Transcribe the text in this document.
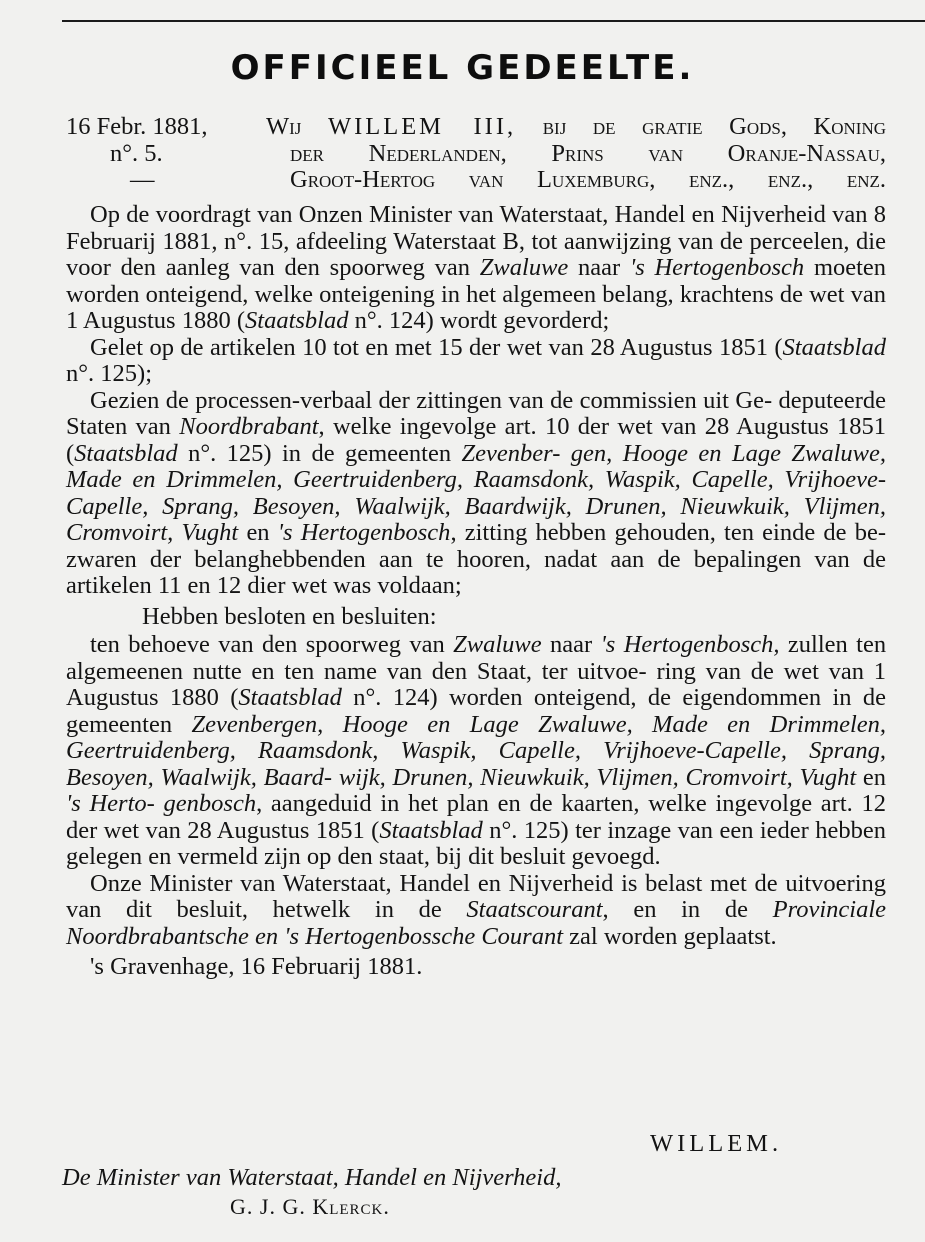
OFFICIEEL GEDEELTE.
16 Febr. 1881,
n°. 5.
—
Wij WILLEM III, bij de gratie Gods, Koning
der Nederlanden, Prins van Oranje-Nassau,
Groot-Hertog van Luxemburg, enz., enz., enz.

Op de voordragt van Onzen Minister van Waterstaat, Handel en Nijverheid van 8 Februarij 1881, n°. 15, afdeeling Waterstaat B, tot aanwijzing van de perceelen, die voor den aanleg van den spoorweg van Zwaluwe naar 's Hertogenbosch moeten worden onteigend, welke onteigening in het algemeen belang, krachtens de wet van 1 Augustus 1880 (Staatsblad n°. 124) wordt gevorderd;

Gelet op de artikelen 10 tot en met 15 der wet van 28 Augustus 1851 (Staatsblad n°. 125);

Gezien de processen-verbaal der zittingen van de commissien uit Ge- deputeerde Staten van Noordbrabant, welke ingevolge art. 10 der wet van 28 Augustus 1851 (Staatsblad n°. 125) in de gemeenten Zevenber- gen, Hooge en Lage Zwaluwe, Made en Drimmelen, Geertruidenberg, Raamsdonk, Waspik, Capelle, Vrijhoeve-Capelle, Sprang, Besoyen, Waalwijk, Baardwijk, Drunen, Nieuwkuik, Vlijmen, Cromvoirt, Vught en 's Hertogenbosch, zitting hebben gehouden, ten einde de be- zwaren der belanghebbenden aan te hooren, nadat aan de bepalingen van de artikelen 11 en 12 dier wet was voldaan;

Hebben besloten en besluiten:

ten behoeve van den spoorweg van Zwaluwe naar 's Hertogenbosch, zullen ten algemeenen nutte en ten name van den Staat, ter uitvoe- ring van de wet van 1 Augustus 1880 (Staatsblad n°. 124) worden onteigend, de eigendommen in de gemeenten Zevenbergen, Hooge en Lage Zwaluwe, Made en Drimmelen, Geertruidenberg, Raamsdonk, Waspik, Capelle, Vrijhoeve-Capelle, Sprang, Besoyen, Waalwijk, Baard- wijk, Drunen, Nieuwkuik, Vlijmen, Cromvoirt, Vught en 's Herto- genbosch, aangeduid in het plan en de kaarten, welke ingevolge art. 12 der wet van 28 Augustus 1851 (Staatsblad n°. 125) ter inzage van een ieder hebben gelegen en vermeld zijn op den staat, bij dit besluit gevoegd.

Onze Minister van Waterstaat, Handel en Nijverheid is belast met de uitvoering van dit besluit, hetwelk in de Staatscourant, en in de Provinciale Noordbrabantsche en 's Hertogenbossche Courant zal worden geplaatst.

's Gravenhage, 16 Februarij 1881.

WILLEM.
De Minister van Waterstaat, Handel en Nijverheid,
G. J. G. Klerck.
